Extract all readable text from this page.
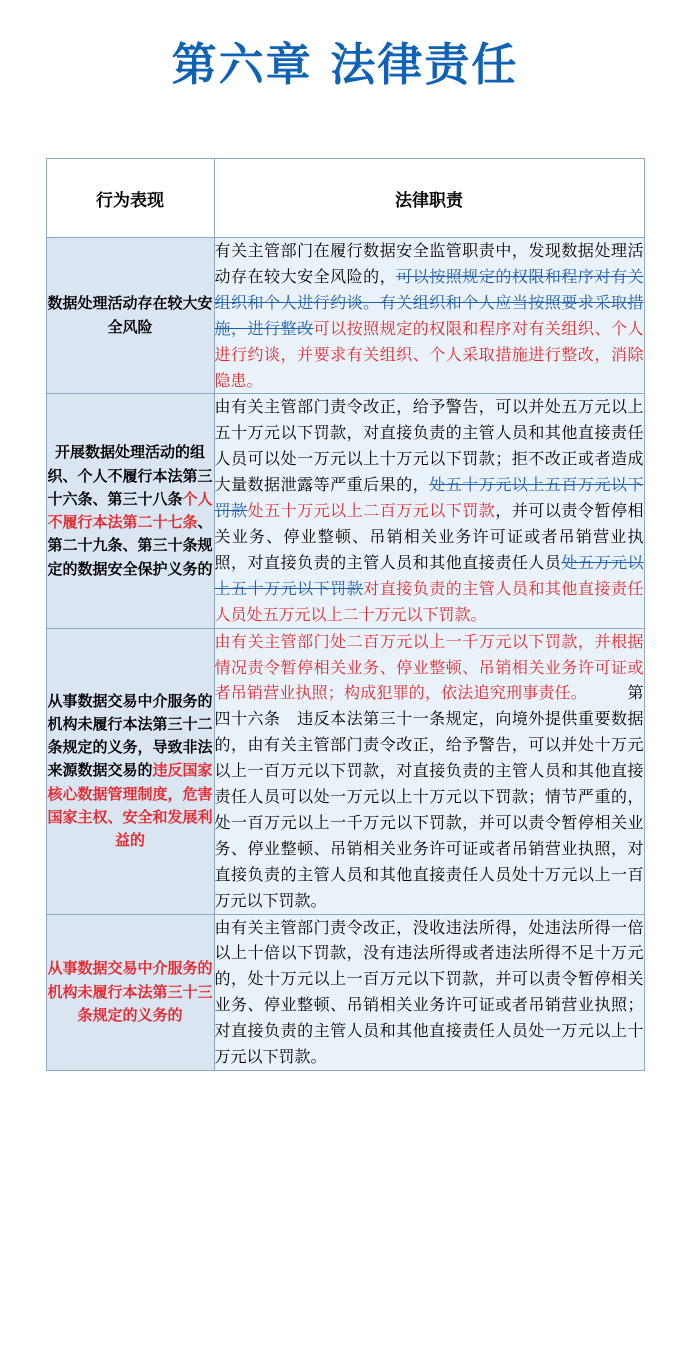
第六章 法律责任
行为表现	法律职责
数据处理活动存在较大安全风险	有关主管部门在履行数据安全监管职责中，发现数据处理活动存在较大安全风险的，可以按照规定的权限和程序对有关组织和个人进行约谈。有关组织和个人应当按照要求采取措施，进行整改可以按照规定的权限和程序对有关组织、个人进行约谈，并要求有关组织、个人采取措施进行整改，消除隐患。
开展数据处理活动的组织、个人不履行本法第三十六条、第三十八条个人不履行本法第二十七条、第二十九条、第三十条规定的数据安全保护义务的	由有关主管部门责令改正，给予警告，可以并处五万元以上五十万元以下罚款，对直接负责的主管人员和其他直接责任人员可以处一万元以上十万元以下罚款；拒不改正或者造成大量数据泄露等严重后果的，处五十万元以上五百万元以下罚款处五十万元以上二百万元以下罚款，并可以责令暂停相关业务、停业整顿、吊销相关业务许可证或者吊销营业执照，对直接负责的主管人员和其他直接责任人员处五万元以上五十万元以下罚款对直接负责的主管人员和其他直接责任人员处五万元以上二十万元以下罚款。
从事数据交易中介服务的机构未履行本法第三十二条规定的义务，导致非法来源数据交易的违反国家核心数据管理制度，危害国家主权、安全和发展利益的	由有关主管部门处二百万元以上一千万元以下罚款，并根据情况责令暂停相关业务、停业整顿、吊销相关业务许可证或者吊销营业执照；构成犯罪的，依法追究刑事责任。　　　第四十六条　违反本法第三十一条规定，向境外提供重要数据的，由有关主管部门责令改正，给予警告，可以并处十万元以上一百万元以下罚款，对直接负责的主管人员和其他直接责任人员可以处一万元以上十万元以下罚款；情节严重的，处一百万元以上一千万元以下罚款，并可以责令暂停相关业务、停业整顿、吊销相关业务许可证或者吊销营业执照，对直接负责的主管人员和其他直接责任人员处十万元以上一百万元以下罚款。
从事数据交易中介服务的机构未履行本法第三十三条规定的义务的	由有关主管部门责令改正，没收违法所得，处违法所得一倍以上十倍以下罚款，没有违法所得或者违法所得不足十万元的，处十万元以上一百万元以下罚款，并可以责令暂停相关业务、停业整顿、吊销相关业务许可证或者吊销营业执照；对直接负责的主管人员和其他直接责任人员处一万元以上十万元以下罚款。
